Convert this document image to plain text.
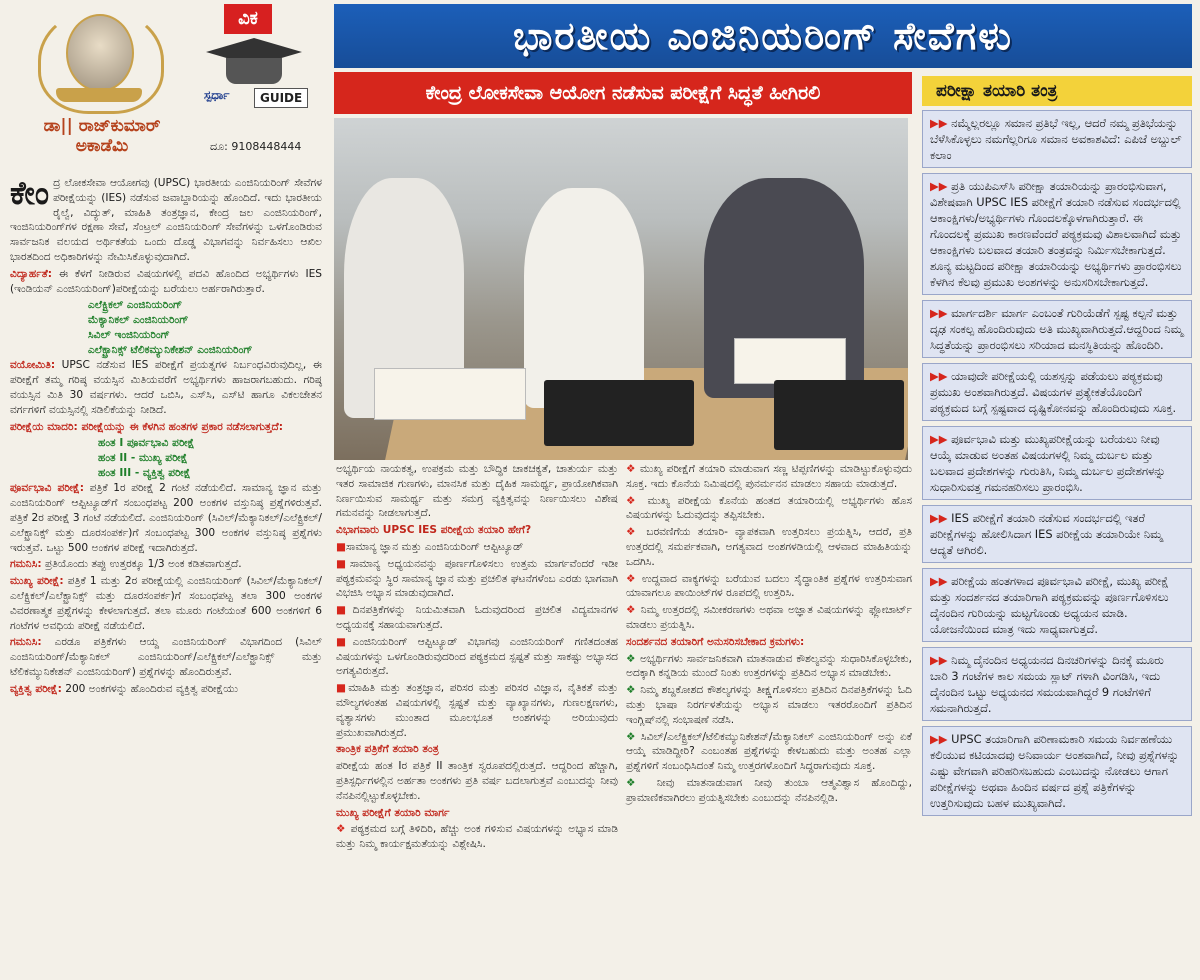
ಡಾ|| ರಾಜ್‌ಕುಮಾರ್
ಅಕಾಡೆಮಿ
ವಿಕ
ಸ್ಪರ್ಧಾ	GUIDE
ದೂ: 9108448444
ಭಾರತೀಯ ಎಂಜಿನಿಯರಿಂಗ್ ಸೇವೆಗಳು
ಕೇಂದ್ರ ಲೋಕಸೇವಾ ಆಯೋಗ ನಡೆಸುವ ಪರೀಕ್ಷೆಗೆ ಸಿದ್ಧತೆ ಹೀಗಿರಲಿ

ಕೇಂದ್ರ ಲೋಕಸೇವಾ ಆಯೋಗವು (UPSC) ಭಾರತೀಯ ಎಂಜಿನಿಯರಿಂಗ್ ಸೇವೆಗಳ ಪರೀಕ್ಷೆಯನ್ನು (IES) ನಡೆಸುವ ಜವಾಬ್ದಾರಿಯನ್ನು ಹೊಂದಿದೆ. ಇದು ಭಾರತೀಯ ರೈಲ್ವೆ, ವಿದ್ಯುತ್, ಮಾಹಿತಿ ತಂತ್ರಜ್ಞಾನ, ಕೇಂದ್ರ ಜಲ ಎಂಜಿನಿಯರಿಂಗ್, ಇಂಜಿನಿಯರಿಂಗ್‌ಗಳ ರಕ್ಷಣಾ ಸೇವೆ, ಸೆಂಟ್ರಲ್ ಎಂಜಿನಿಯರಿಂಗ್ ಸೇವೆಗಳನ್ನು ಒಳಗೊಂಡಿರುವ ಸಾರ್ವಜನಿಕ ವಲಯದ ಅರ್ಥಿಕತೆಯ ಒಂದು ದೊಡ್ಡ ವಿಭಾಗವನ್ನು ನಿರ್ವಹಿಸಲು ಆಖಿಲ ಭಾರತದಿಂದ ಅಧಿಕಾರಿಗಳನ್ನು ನೇಮಿಸಿಕೊಳ್ಳುವುದಾಗಿದೆ.

ವಿದ್ಯಾರ್ಹತೆ: ಈ ಕೆಳಗೆ ನೀಡಿರುವ ವಿಷಯಗಳಲ್ಲಿ ಪದವಿ ಹೊಂದಿದ ಅಭ್ಯರ್ಥಿಗಳು IES (ಇಂಡಿಯನ್ ಎಂಜಿನಿಯರಿಂಗ್)ಪರೀಕ್ಷೆಯನ್ನು ಬರೆಯಲು ಅರ್ಹರಾಗಿರುತ್ತಾರೆ.

ಎಲೆಕ್ಟ್ರಿಕಲ್ ಎಂಜಿನಿಯರಿಂಗ್
ಮೆಕ್ಯಾನಿಕಲ್ ಎಂಜಿನಿಯರಿಂಗ್
ಸಿವಿಲ್ ಇಂಜಿನಿಯರಿಂಗ್
ಎಲೆಕ್ಟ್ರಾನಿಕ್ಸ್ ಟೆಲಿಕಮ್ಯುನಿಕೇಶನ್ ಎಂಜಿನಿಯರಿಂಗ್

ವಯೋಮಿತಿ: UPSC ನಡೆಸುವ IES ಪರೀಕ್ಷೆಗೆ ಪ್ರಯತ್ನಗಳ ನಿರ್ಬಂಧವಿರುವುದಿಲ್ಲ, ಈ ಪರೀಕ್ಷೆಗೆ ತಮ್ಮ ಗರಿಷ್ಠ ವಯಸ್ಸಿನ ಮಿತಿಯವರೆಗೆ ಅಭ್ಯರ್ಥಿಗಳು ಹಾಜರಾಗಬಹುದು. ಗರಿಷ್ಠ ವಯಸ್ಸಿನ ಮಿತಿ 30 ವರ್ಷಗಳು. ಆದರೆ ಒಬಿಸಿ, ಎಸ್‌ಸಿ, ಎಸ್‌ಟಿ ಹಾಗೂ ವಿಕಲಚೇತನ ವರ್ಗಗಳಿಗೆ ವಯಸ್ಸಿನಲ್ಲಿ ಸಡಿಲಿಕೆಯನ್ನು ನೀಡಿದೆ.

ಪರೀಕ್ಷೆಯ ಮಾದರಿ: ಪರೀಕ್ಷೆಯನ್ನು ಈ ಕೆಳಗಿನ ಹಂತಗಳ ಪ್ರಕಾರ ನಡೆಸಲಾಗುತ್ತದೆ:

ಹಂತ I ಪೂರ್ವಭಾವಿ ಪರೀಕ್ಷೆ
ಹಂತ II - ಮುಖ್ಯ ಪರೀಕ್ಷೆ
ಹಂತ III - ವ್ಯಕ್ತಿತ್ವ ಪರೀಕ್ಷೆ

ಪೂರ್ವಭಾವಿ ಪರೀಕ್ಷೆ: ಪತ್ರಿಕೆ 1ರ ಪರೀಕ್ಷೆ 2 ಗಂಟೆ ನಡೆಯಲಿದೆ. ಸಾಮಾನ್ಯ ಜ್ಞಾನ ಮತ್ತು ಎಂಜಿನಿಯರಿಂಗ್ ಆಪ್ಟಿಟ್ಯೂಡ್‌ಗೆ ಸಂಬಂಧಪಟ್ಟ 200 ಅಂಕಗಳ ವಸ್ತುನಿಷ್ಠ ಪ್ರಶ್ನೆಗಳಿರುತ್ತವೆ. ಪತ್ರಿಕೆ 2ರ ಪರೀಕ್ಷೆ 3 ಗಂಟೆ ನಡೆಯಲಿದೆ. ಎಂಜಿನಿಯರಿಂಗ್ (ಸಿವಿಲ್/ಮೆಕ್ಯಾನಿಕಲ್/ಎಲೆಕ್ಟ್ರಿಕಲ್/ಎಲೆಕ್ಟ್ರಾನಿಕ್ಸ್ ಮತ್ತು ದೂರಸಂಪರ್ಕ)ಗೆ ಸಂಬಂಧಪಟ್ಟ 300 ಅಂಕಗಳ ವಸ್ತುನಿಷ್ಠ ಪ್ರಶ್ನೆಗಳು ಇರುತ್ತವೆ. ಒಟ್ಟು 500 ಅಂಕಗಳ ಪರೀಕ್ಷೆ ಇದಾಗಿರುತ್ತದೆ.

ಗಮನಿಸಿ: ಪ್ರತಿಯೊಂದು ತಪ್ಪು ಉತ್ತರಕ್ಕೂ 1/3 ಅಂಕ ಕಡಿತವಾಗುತ್ತದೆ.

ಮುಖ್ಯ ಪರೀಕ್ಷೆ: ಪತ್ರಿಕೆ 1 ಮತ್ತು 2ರ ಪರೀಕ್ಷೆಯಲ್ಲಿ ಎಂಜಿನಿಯರಿಂಗ್ (ಸಿವಿಲ್/ಮೆಕ್ಯಾನಿಕಲ್/ಎಲೆಕ್ಟ್ರಿಕಲ್/ಎಲೆಕ್ಟ್ರಾನಿಕ್ಸ್ ಮತ್ತು ದೂರಸಂಪರ್ಕ)ಗೆ ಸಂಬಂಧಪಟ್ಟ ತಲಾ 300 ಅಂಕಗಳ ವಿವರಣಾತ್ಮಕ ಪ್ರಶ್ನೆಗಳನ್ನು ಕೇಳಲಾಗುತ್ತದೆ. ತಲಾ ಮೂರು ಗಂಟೆಯಂತೆ 600 ಅಂಕಗಳಿಗೆ 6 ಗಂಟೆಗಳ ಅವಧಿಯ ಪರೀಕ್ಷೆ ನಡೆಯಲಿದೆ.

ಗಮನಿಸಿ: ಎರಡೂ ಪತ್ರಿಕೆಗಳು ಆಯ್ದ ಎಂಜಿನಿಯರಿಂಗ್ ವಿಭಾಗದಿಂದ (ಸಿವಿಲ್ ಎಂಜಿನಿಯರಿಂಗ್/ಮೆಕ್ಯಾನಿಕಲ್ ಎಂಜಿನಿಯರಿಂಗ್/ಎಲೆಕ್ಟ್ರಿಕಲ್/ಎಲೆಕ್ಟ್ರಾನಿಕ್ಸ್ ಮತ್ತು ಟೆಲಿಕಮ್ಯುನಿಕೇಶನ್ ಎಂಜಿನಿಯರಿಂಗ್) ಪ್ರಶ್ನೆಗಳನ್ನು ಹೊಂದಿರುತ್ತವೆ.

ವ್ಯಕ್ತಿತ್ವ ಪರೀಕ್ಷೆ: 200 ಅಂಕಗಳನ್ನು ಹೊಂದಿರುವ ವ್ಯಕ್ತಿತ್ವ ಪರೀಕ್ಷೆಯು

ಅಭ್ಯರ್ಥಿಯ ನಾಯಕತ್ವ, ಉಪಕ್ರಮ ಮತ್ತು ಬೌದ್ಧಿಕ ಚಾಕಚಕ್ಯತೆ, ಚಾತುರ್ಯ ಮತ್ತು ಇತರ ಸಾಮಾಜಿಕ ಗುಣಗಳು, ಮಾನಸಿಕ ಮತ್ತು ದೈಹಿಕ ಸಾಮರ್ಥ್ಯ, ಪ್ರಾಯೋಗಿಕವಾಗಿ ನಿರ್ಣಯಿಸುವ ಸಾಮರ್ಥ್ಯ ಮತ್ತು ಸಮಗ್ರ ವ್ಯಕ್ತಿತ್ವವನ್ನು ನಿರ್ಣಯಿಸಲು ವಿಶೇಷ ಗಮನವನ್ನು ನೀಡಲಾಗುತ್ತದೆ.

ವಿಭಾಗವಾರು UPSC IES ಪರೀಕ್ಷೆಯ ತಯಾರಿ ಹೇಗೆ?

■ಸಾಮಾನ್ಯ ಜ್ಞಾನ ಮತ್ತು ಎಂಜಿನಿಯರಿಂಗ್ ಆಪ್ಟಿಟ್ಯೂಡ್

■ಸಾಮಾನ್ಯ ಅಧ್ಯಯನವನ್ನು ಪೂರ್ಣಗೊಳಿಸಲು ಉತ್ತಮ ಮಾರ್ಗವೆಂದರೆ ಇಡೀ ಪಠ್ಯಕ್ರಮವನ್ನು ಸ್ಥಿರ ಸಾಮಾನ್ಯ ಜ್ಞಾನ ಮತ್ತು ಪ್ರಚಲಿತ ಘಟನೆಗಳೆಂಬ ಎರಡು ಭಾಗವಾಗಿ ವಿಭಜಿಸಿ ಅಭ್ಯಾಸ ಮಾಡುವುದಾಗಿದೆ.

■ದಿನಪತ್ರಿಕೆಗಳನ್ನು ನಿಯಮಿತವಾಗಿ ಓದುವುದರಿಂದ ಪ್ರಚಲಿತ ವಿದ್ಯಮಾನಗಳ ಅಧ್ಯಯನಕ್ಕೆ ಸಹಾಯವಾಗುತ್ತದೆ.

■ಎಂಜಿನಿಯರಿಂಗ್ ಆಪ್ಟಿಟ್ಯೂಡ್ ವಿಭಾಗವು ಎಂಜಿನಿಯರಿಂಗ್ ಗಣಿತದಂತಹ ವಿಷಯಗಳನ್ನು ಒಳಗೊಂಡಿರುವುದರಿಂದ ಪಠ್ಯಕ್ರಮದ ಸ್ಪಷ್ಟತೆ ಮತ್ತು ಸಾಕಷ್ಟು ಅಭ್ಯಾಸದ ಅಗತ್ಯವಿರುತ್ತದೆ.

■ಮಾಹಿತಿ ಮತ್ತು ತಂತ್ರಜ್ಞಾನ, ಪರಿಸರ ಮತ್ತು ಪರಿಸರ ವಿಜ್ಞಾನ, ನೈತಿಕತೆ ಮತ್ತು ಮೌಲ್ಯಗಳಂತಹ ವಿಷಯಗಳಲ್ಲಿ ಸ್ಪಷ್ಟತೆ ಮತ್ತು ವ್ಯಾಖ್ಯಾನಗಳು, ಗುಣಲಕ್ಷಣಗಳು, ವ್ಯತ್ಯಾಸಗಳು ಮುಂತಾದ ಮೂಲಭೂತ ಅಂಶಗಳನ್ನು ಅರಿಯುವುದು ಪ್ರಮುಖವಾಗಿರುತ್ತದೆ.

ತಾಂತ್ರಿಕ ಪತ್ರಿಕೆಗೆ ತಯಾರಿ ತಂತ್ರ

ಪರೀಕ್ಷೆಯ ಹಂತ Iರ ಪತ್ರಿಕೆ II ತಾಂತ್ರಿಕ ಸ್ವರೂಪದಲ್ಲಿರುತ್ತದೆ. ಆದ್ದರಿಂದ ಹೆಚ್ಚಾಗಿ, ಪ್ರತಿಸ್ಪರ್ಧಿಗಳಲ್ಲಿನ ಅರ್ಹತಾ ಅಂಕಗಳು ಪ್ರತಿ ವರ್ಷ ಬದಲಾಗುತ್ತವೆ ಎಂಬುದನ್ನು ನೀವು ನೆನಪಿನಲ್ಲಿಟ್ಟುಕೊಳ್ಳಬೇಕು.

ಮುಖ್ಯ ಪರೀಕ್ಷೆಗೆ ತಯಾರಿ ಮಾರ್ಗ

❖ ಪಠ್ಯಕ್ರಮದ ಬಗ್ಗೆ ತಿಳಿದಿರಿ, ಹೆಚ್ಚು ಅಂಕ ಗಳಿಸುವ ವಿಷಯಗಳನ್ನು ಅಭ್ಯಾಸ ಮಾಡಿ ಮತ್ತು ನಿಮ್ಮ ಕಾರ್ಯಕ್ಷಮತೆಯನ್ನು ವಿಶ್ಲೇಷಿಸಿ.

❖ ಮುಖ್ಯ ಪರೀಕ್ಷೆಗೆ ತಯಾರಿ ಮಾಡುವಾಗ ಸಣ್ಣ ಟಿಪ್ಪಣಿಗಳನ್ನು ಮಾಡಿಟ್ಟುಕೊಳ್ಳುವುದು ಸೂಕ್ತ. ಇದು ಕೊನೆಯ ನಿಮಿಷದಲ್ಲಿ ಪುನರ್ಮನನ ಮಾಡಲು ಸಹಾಯ ಮಾಡುತ್ತದೆ.

❖ ಮುಖ್ಯ ಪರೀಕ್ಷೆಯ ಕೊನೆಯ ಹಂತದ ತಯಾರಿಯಲ್ಲಿ ಅಭ್ಯರ್ಥಿಗಳು ಹೊಸ ವಿಷಯಗಳನ್ನು ಓದುವುದನ್ನು ತಪ್ಪಿಸಬೇಕು.

❖ ಬರವಣಿಗೆಯ ತಯಾರಿ- ವ್ಯಾಪಕವಾಗಿ ಉತ್ತರಿಸಲು ಪ್ರಯತ್ನಿಸಿ, ಆದರೆ, ಪ್ರತಿ ಉತ್ತರದಲ್ಲಿ ಸಮರ್ಪಕವಾಗಿ, ಅಗತ್ಯವಾದ ಅಂಶಗಳಡಿಯಲ್ಲಿ ಆಳವಾದ ಮಾಹಿತಿಯನ್ನು ಒದಗಿಸಿ.

❖ ಉದ್ದವಾದ ವಾಕ್ಯಗಳನ್ನು ಬರೆಯುವ ಬದಲು ಸೈದ್ಧಾಂತಿಕ ಪ್ರಶ್ನೆಗಳ ಉತ್ತರಿಸುವಾಗ ಯಾವಾಗಲೂ ಪಾಯಿಂಟ್‌ಗಳ ರೂಪದಲ್ಲಿ ಉತ್ತರಿಸಿ.

❖ ನಿಮ್ಮ ಉತ್ತರದಲ್ಲಿ ಸಮೀಕರಣಗಳು ಅಥವಾ ಅಜ್ಞಾತ ವಿಷಯಗಳನ್ನು ಫ್ಲೋಚಾರ್ಟ್ ಮಾಡಲು ಪ್ರಯತ್ನಿಸಿ.

ಸಂದರ್ಶನದ ತಯಾರಿಗೆ ಅನುಸರಿಸಬೇಕಾದ ಕ್ರಮಗಳು:

❖ ಅಭ್ಯರ್ಥಿಗಳು ಸಾರ್ವಜನಿಕವಾಗಿ ಮಾತನಾಡುವ ಕೌಶಲ್ಯವನ್ನು ಸುಧಾರಿಸಿಕೊಳ್ಳಬೇಕು, ಅದಕ್ಕಾಗಿ ಕನ್ನಡಿಯ ಮುಂದೆ ನಿಂತು ಉತ್ತರಗಳನ್ನು ಪ್ರತಿದಿನ ಅಭ್ಯಾಸ ಮಾಡಬೇಕು.

❖ ನಿಮ್ಮ ಶಬ್ದಕೋಶದ ಕೌಶಲ್ಯಗಳನ್ನು ತೀಕ್ಷ್ಣಗೊಳಿಸಲು ಪ್ರತಿದಿನ ದಿನಪತ್ರಿಕೆಗಳನ್ನು ಓದಿ ಮತ್ತು ಭಾಷಾ ನಿರರ್ಗಳತೆಯನ್ನು ಅಭ್ಯಾಸ ಮಾಡಲು ಇತರರೊಂದಿಗೆ ಪ್ರತಿದಿನ ಇಂಗ್ಲಿಷ್‌ನಲ್ಲಿ ಸಂಭಾಷಣೆ ನಡೆಸಿ.

❖ ಸಿವಿಲ್/ಎಲೆಕ್ಟ್ರಿಕಲ್/ಟೆಲಿಕಮ್ಯುನಿಕೇಶನ್/ಮೆಕ್ಯಾನಿಕಲ್ ಎಂಜಿನಿಯರಿಂಗ್ ಅನ್ನು ಏಕೆ ಆಯ್ಕೆ ಮಾಡಿದ್ದೀರಿ? ಎಂಬಂತಹ ಪ್ರಶ್ನೆಗಳನ್ನು ಕೇಳಬಹುದು ಮತ್ತು ಅಂತಹ ಎಲ್ಲಾ ಪ್ರಶ್ನೆಗಳಿಗೆ ಸಂಬಂಧಿಸಿದಂತೆ ನಿಮ್ಮ ಉತ್ತರಗಳೊಂದಿಗೆ ಸಿದ್ಧರಾಗುವುದು ಸೂಕ್ತ.

❖ ನೀವು ಮಾತನಾಡುವಾಗ ನೀವು ತುಂಬಾ ಆತ್ಮವಿಶ್ವಾಸ ಹೊಂದಿದ್ದು, ಪ್ರಾಮಾಣಿಕವಾಗಿರಲು ಪ್ರಯತ್ನಿಸಬೇಕು ಎಂಬುದನ್ನು ನೆನಪಿನಲ್ಲಿಡಿ.

ಪರೀಕ್ಷಾ ತಯಾರಿ ತಂತ್ರ
▶▶ ನಮ್ಮೆಲ್ಲರಲ್ಲೂ ಸಮಾನ ಪ್ರತಿಭೆ ಇಲ್ಲ, ಆದರೆ ನಮ್ಮ ಪ್ರತಿಭೆಯನ್ನು ಬೆಳೆಸಿಕೊಳ್ಳಲು ನಮಗೆಲ್ಲರಿಗೂ ಸಮಾನ ಅವಕಾಶವಿದೆ: ಎಪಿಜೆ ಅಬ್ದುಲ್ ಕಲಾಂ
▶▶ ಪ್ರತಿ ಯುಪಿಎಸ್‌ಸಿ ಪರೀಕ್ಷಾ ತಯಾರಿಯನ್ನು ಪ್ರಾರಂಭಿಸುವಾಗ, ವಿಶೇಷವಾಗಿ UPSC IES ಪರೀಕ್ಷೆಗೆ ತಯಾರಿ ನಡೆಸುವ ಸಂದರ್ಭದಲ್ಲಿ ಆಕಾಂಕ್ಷಿಗಳು/ಅಭ್ಯರ್ಥಿಗಳು ಗೊಂದಲಕ್ಕೊಳಗಾಗಿರುತ್ತಾರೆ. ಈ ಗೊಂದಲಕ್ಕೆ ಪ್ರಮುಖ ಕಾರಣವೆಂದರೆ ಪಠ್ಯಕ್ರಮವು ವಿಶಾಲವಾಗಿದೆ ಮತ್ತು ಆಕಾಂಕ್ಷಿಗಳು ಬಲವಾದ ತಯಾರಿ ತಂತ್ರವನ್ನು ನಿರ್ಮಿಸಬೇಕಾಗುತ್ತದೆ. ಶೂನ್ಯ ಮಟ್ಟದಿಂದ ಪರೀಕ್ಷಾ ತಯಾರಿಯನ್ನು ಅಭ್ಯರ್ಥಿಗಳು ಪ್ರಾರಂಭಿಸಲು ಕೆಳಗಿನ ಕೆಲವು ಪ್ರಮುಖ ಅಂಶಗಳನ್ನು ಅನುಸರಿಸಬೇಕಾಗುತ್ತದೆ.
▶▶ ಮಾರ್ಗದರ್ಶಿ ಮಾರ್ಗ ಎಂಬಂತೆ ಗುರಿಯೆಡೆಗೆ ಸ್ಪಷ್ಟ ಕಲ್ಪನೆ ಮತ್ತು ದೃಢ ಸಂಕಲ್ಪ ಹೊಂದಿರುವುದು ಅತಿ ಮುಖ್ಯವಾಗಿರುತ್ತದೆ.ಆದ್ದರಿಂದ ನಿಮ್ಮ ಸಿದ್ಧತೆಯನ್ನು ಪ್ರಾರಂಭಿಸಲು ಸರಿಯಾದ ಮನಸ್ಥಿತಿಯನ್ನು ಹೊಂದಿರಿ.
▶▶ ಯಾವುದೇ ಪರೀಕ್ಷೆಯಲ್ಲಿ ಯಶಸ್ಸನ್ನು ಪಡೆಯಲು ಪಠ್ಯಕ್ರಮವು ಪ್ರಮುಖ ಅಂಶವಾಗಿರುತ್ತದೆ. ವಿಷಯಗಳ ಪ್ರತ್ಯೇಕತೆಯೊಂದಿಗೆ ಪಠ್ಯಕ್ರಮದ ಬಗ್ಗೆ ಸ್ಪಷ್ಟವಾದ ದೃಷ್ಟಿಕೋನವನ್ನು ಹೊಂದಿರುವುದು ಸೂಕ್ತ.
▶▶ ಪೂರ್ವಭಾವಿ ಮತ್ತು ಮುಖ್ಯಪರೀಕ್ಷೆಯನ್ನು ಬರೆಯಲು ನೀವು ಆಯ್ಕೆ ಮಾಡುವ ಅಂತಹ ವಿಷಯಗಳಲ್ಲಿ ನಿಮ್ಮ ದುರ್ಬಲ ಮತ್ತು ಬಲವಾದ ಪ್ರದೇಶಗಳನ್ನು ಗುರುತಿಸಿ, ನಿಮ್ಮ ದುರ್ಬಲ ಪ್ರದೇಶಗಳನ್ನು ಸುಧಾರಿಸುವತ್ತ ಗಮನಹರಿಸಲು ಪ್ರಾರಂಭಿಸಿ.
▶▶ IES ಪರೀಕ್ಷೆಗೆ ತಯಾರಿ ನಡೆಸುವ ಸಂದರ್ಭದಲ್ಲಿ ಇತರೆ ಪರೀಕ್ಷೆಗಳನ್ನು ಹೋಲಿಸಿದಾಗ IES ಪರೀಕ್ಷೆಯ ತಯಾರಿಯೇ ನಿಮ್ಮ ಆದ್ಯತೆ ಆಗಿರಲಿ.
▶▶ ಪರೀಕ್ಷೆಯ ಹಂತಗಳಾದ ಪೂರ್ವಭಾವಿ ಪರೀಕ್ಷೆ, ಮುಖ್ಯ ಪರೀಕ್ಷೆ ಮತ್ತು ಸಂದರ್ಶನದ ತಯಾರಿಗಾಗಿ ಪಠ್ಯಕ್ರಮವನ್ನು ಪೂರ್ಣಗೊಳಿಸಲು ದೈನಂದಿನ ಗುರಿಯನ್ನು ಮಟ್ಟಗೊಂಡು ಅಧ್ಯಯನ ಮಾಡಿ. ಯೋಜನೆಯಿಂದ ಮಾತ್ರ ಇದು ಸಾಧ್ಯವಾಗುತ್ತದೆ.
▶▶ ನಿಮ್ಮ ದೈನಂದಿನ ಅಧ್ಯಯನದ ದಿನಚರಿಗಳನ್ನು ದಿನಕ್ಕೆ ಮೂರು ಬಾರಿ 3 ಗಂಟೆಗಳ ಕಾಲ ಸಮಯ ಸ್ಲಾಟ್ ಗಳಾಗಿ ವಿಂಗಡಿಸಿ, ಇದು ದೈನಂದಿನ ಒಟ್ಟು ಅಧ್ಯಯನದ ಸಮಯವಾಗಿದ್ದರೆ 9 ಗಂಟೆಗಳಿಗೆ ಸಮನಾಗಿರುತ್ತದೆ.
▶▶ UPSC ತಯಾರಿಗಾಗಿ ಪರಿಣಾಮಕಾರಿ ಸಮಯ ನಿರ್ವಹಣೆಯು ಕಲಿಯುವ ಕಟಿಯಾದವು ಅನಿವಾರ್ಯ ಅಂಶವಾಗಿದೆ, ನೀವು ಪ್ರಶ್ನೆಗಳನ್ನು ಎಷ್ಟು ವೇಗವಾಗಿ ಪರಿಹರಿಸಬಹುದು ಎಂಬುದನ್ನು ನೋಡಲು ಆಗಾಗ ಪರೀಕ್ಷೆಗಳನ್ನು ಅಥವಾ ಹಿಂದಿನ ವರ್ಷದ ಪ್ರಶ್ನೆ ಪತ್ರಿಕೆಗಳನ್ನು ಉತ್ತರಿಸುವುದು ಬಹಳ ಮುಖ್ಯವಾಗಿದೆ.
